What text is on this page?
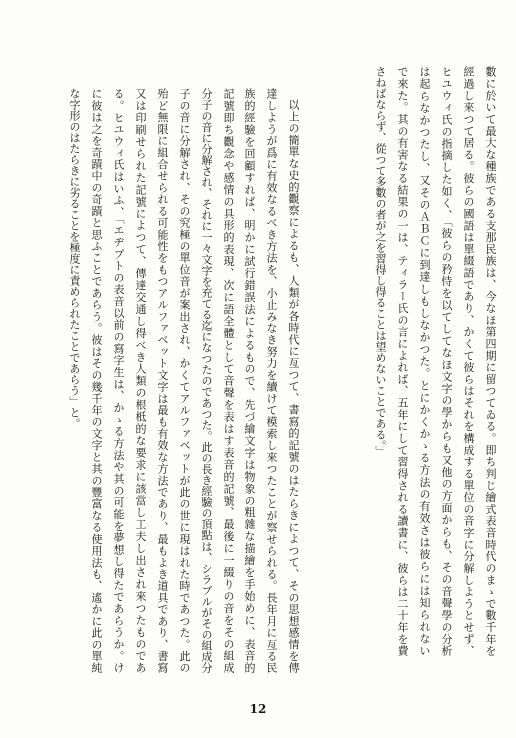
數に於いて最大な種族である支那民族は、今なほ第四期に留つてゐる。即ち判じ繪式表音時代のまゝで數千年を
經過し來つて居る。彼らの國語は單綴語であり、かくて彼らはそれを構成する單位の音字に分解しようとせず、
ヒユウィ氏の指摘した如く、「彼らの矜恃を以てしてなほ文字の學からも又他の方面からも、その音聲學の分析
は起らなかつたし、又そのＡＢＣに到達しもしなかつた。とにかくかゝる方法の有效さは彼らには知られない
で來た。其の有害なる結果の一は、ティラー氏の言によれば、五年にして習得される讀書に、彼らは二十年を費
さねばならず、從つて多數の者が之を習得し得ることは望めないことである。」
以上の簡單な史的觀察によるも、人類が各時代に亙つて、書寫的記號のはたらきによつて、その思想感情を傳
達しようが爲に有效なるべき方法を、小止みなき努力を續けて模索し來つたことが察せられる。長年月に亙る民
族的經驗を回顧すれば、明かに試行錯誤法によるもので、先づ繪文字は物象の粗雜な描繪を手始めに、表音的
記號即ち觀念や感情の具形的表現、次に語全體として音聲を表はす表音的記號、最後に一綴りの音をその組成
分子の音に分解され、それに一々文字を充てる迄になつたのであつた。此の長き經驗の頂點は、シラブルがその組成分
子の音に分解され、その究極の單位音が案出され、かくてアルファベットが此の世に現はれた時であつた。此の
殆ど無限に組合せられる可能性をもつアルファベット文字は最も有效な方法であり、最もよき道具であり、書寫
又は印刷せられた記號によつて、傳達交通し得べき人類の根柢的な要求に該當し工夫し出され來つたものであ
る。ヒユウィ氏はいふ、「エヂプトの表音以前の寫字生は、かゝる方法や其の可能を夢想し得たであらうか。け
に彼は之を奇蹟中の奇蹟と思ふことであらう。彼はその幾千年の文字と其の豐富なる使用法も、遙かに此の單純
な字形のはたらきに劣ることを極度に責められたことであらう」と。
12
